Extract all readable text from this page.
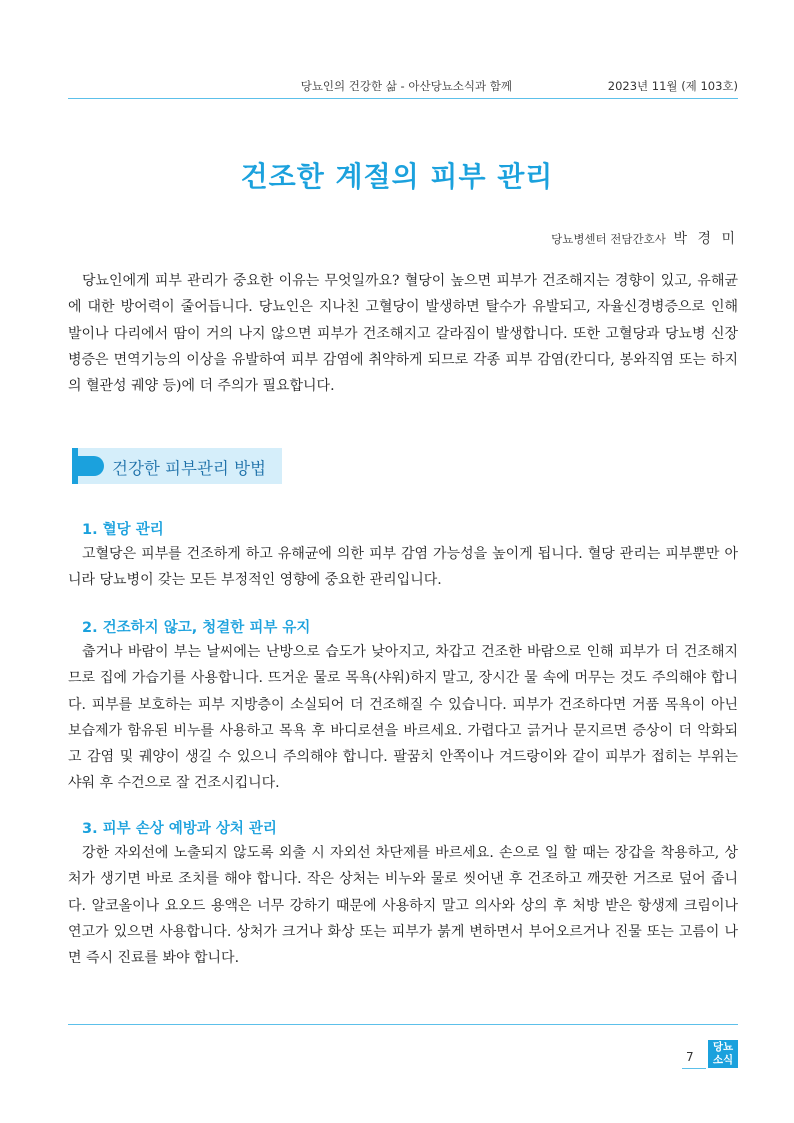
당뇨인의 건강한 삶 - 아산당뇨소식과 함께	2023년 11월 (제 103호)
건조한 계절의 피부 관리
당뇨병센터 전담간호사 박 경 미

당뇨인에게 피부 관리가 중요한 이유는 무엇일까요? 혈당이 높으면 피부가 건조해지는 경향이 있고, 유해균에 대한 방어력이 줄어듭니다. 당뇨인은 지나친 고혈당이 발생하면 탈수가 유발되고, 자율신경병증으로 인해 발이나 다리에서 땀이 거의 나지 않으면 피부가 건조해지고 갈라짐이 발생합니다. 또한 고혈당과 당뇨병 신장병증은 면역기능의 이상을 유발하여 피부 감염에 취약하게 되므로 각종 피부 감염(칸디다, 봉와직염 또는 하지의 혈관성 궤양 등)에 더 주의가 필요합니다.

건강한 피부관리 방법
1. 혈당 관리

고혈당은 피부를 건조하게 하고 유해균에 의한 피부 감염 가능성을 높이게 됩니다. 혈당 관리는 피부뿐만 아니라 당뇨병이 갖는 모든 부정적인 영향에 중요한 관리입니다.

2. 건조하지 않고, 청결한 피부 유지

춥거나 바람이 부는 날씨에는 난방으로 습도가 낮아지고, 차갑고 건조한 바람으로 인해 피부가 더 건조해지므로 집에 가습기를 사용합니다. 뜨거운 물로 목욕(샤워)하지 말고, 장시간 물 속에 머무는 것도 주의해야 합니다. 피부를 보호하는 피부 지방층이 소실되어 더 건조해질 수 있습니다. 피부가 건조하다면 거품 목욕이 아닌 보습제가 함유된 비누를 사용하고 목욕 후 바디로션을 바르세요. 가렵다고 긁거나 문지르면 증상이 더 악화되고 감염 및 궤양이 생길 수 있으니 주의해야 합니다. 팔꿈치 안쪽이나 겨드랑이와 같이 피부가 접히는 부위는 샤워 후 수건으로 잘 건조시킵니다.

3. 피부 손상 예방과 상처 관리

강한 자외선에 노출되지 않도록 외출 시 자외선 차단제를 바르세요. 손으로 일 할 때는 장갑을 착용하고, 상처가 생기면 바로 조치를 해야 합니다. 작은 상처는 비누와 물로 씻어낸 후 건조하고 깨끗한 거즈로 덮어 줍니다. 알코올이나 요오드 용액은 너무 강하기 때문에 사용하지 말고 의사와 상의 후 처방 받은 항생제 크림이나 연고가 있으면 사용합니다. 상처가 크거나 화상 또는 피부가 붉게 변하면서 부어오르거나 진물 또는 고름이 나면 즉시 진료를 봐야 합니다.

7
당뇨
소식
